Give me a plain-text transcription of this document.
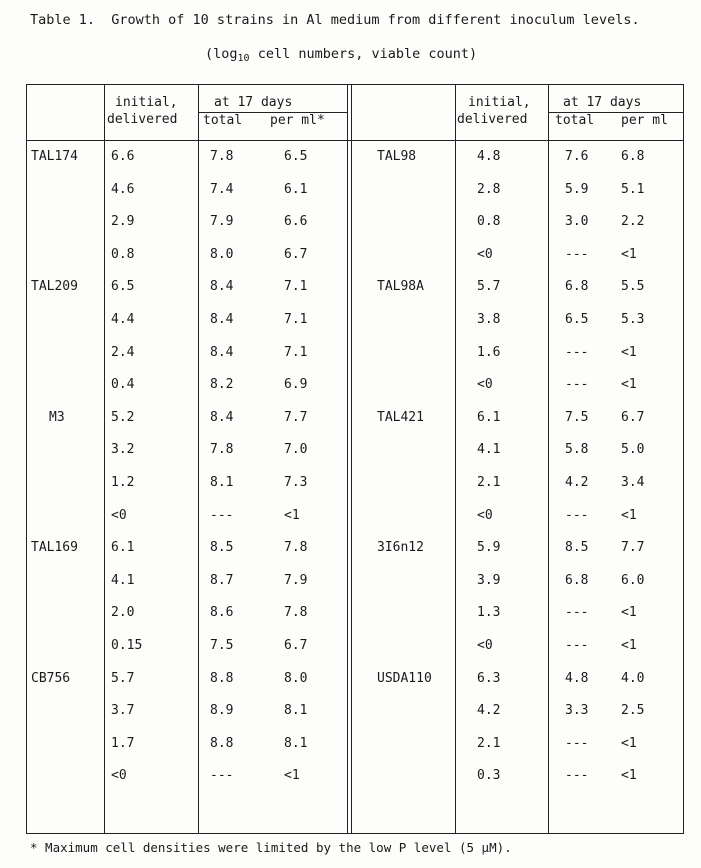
Table 1.  Growth of 10 strains in Al medium from different inoculum levels.
($\log_{10}$ cell numbers, viable count)
initial,
delivered
at 17 days
total per ml*
initial,
delivered
at 17 days
total per ml
TAL174	6.6	7.8	6.5
4.6	7.4	6.1
2.9	7.9	6.6
0.8	8.0	6.7
TAL209	6.5	8.4	7.1
4.4	8.4	7.1
2.4	8.4	7.1
0.4	8.2	6.9
M3	5.2	8.4	7.7
3.2	7.8	7.0
1.2	8.1	7.3
<0	---	<1
TAL169	6.1	8.5	7.8
4.1	8.7	7.9
2.0	8.6	7.8
0.15	7.5	6.7
CB756	5.7	8.8	8.0
3.7	8.9	8.1
1.7	8.8	8.1
<0	---	<1
TAL98	4.8	7.6	6.8
2.8	5.9	5.1
0.8	3.0	2.2
<0	---	<1
TAL98A	5.7	6.8	5.5
3.8	6.5	5.3
1.6	---	<1
<0	---	<1
TAL421	6.1	7.5	6.7
4.1	5.8	5.0
2.1	4.2	3.4
<0	---	<1
3I6n12	5.9	8.5	7.7
3.9	6.8	6.0
1.3	---	<1
<0	---	<1
USDA110	6.3	4.8	4.0
4.2	3.3	2.5
2.1	---	<1
0.3	---	<1
* Maximum cell densities were limited by the low P level (5 μM).
